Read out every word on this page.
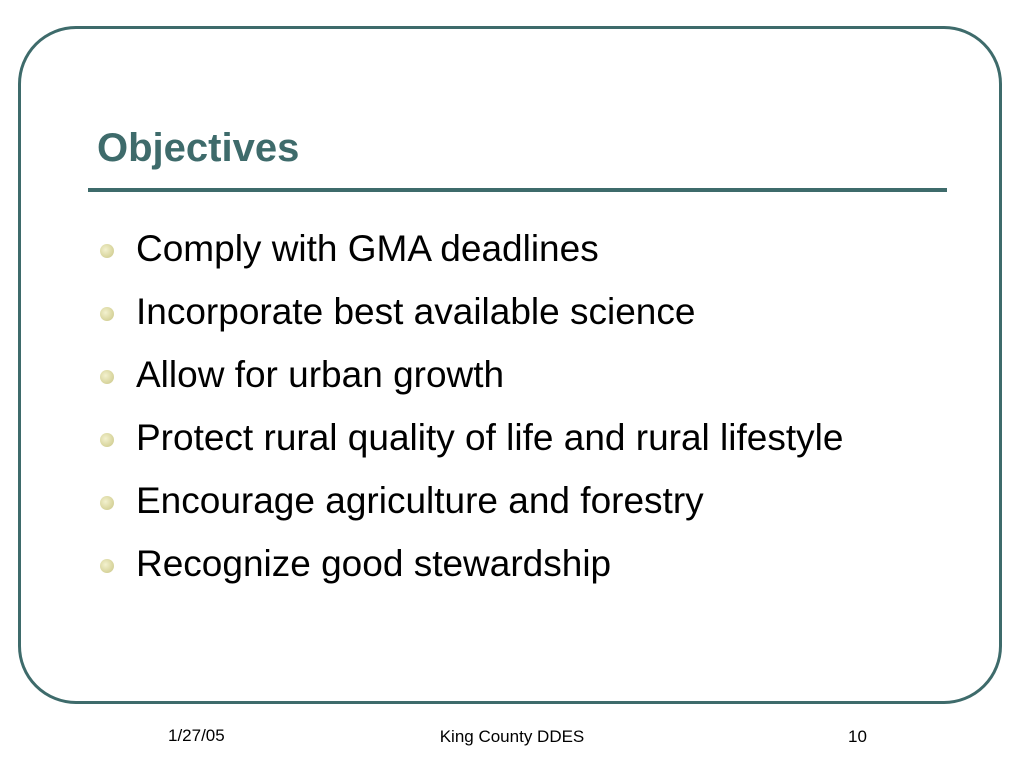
Objectives
Comply with GMA deadlines
Incorporate best available science
Allow for urban growth
Protect rural quality of life and rural lifestyle
Encourage agriculture and forestry
Recognize good stewardship
1/27/05	King County DDES	10
